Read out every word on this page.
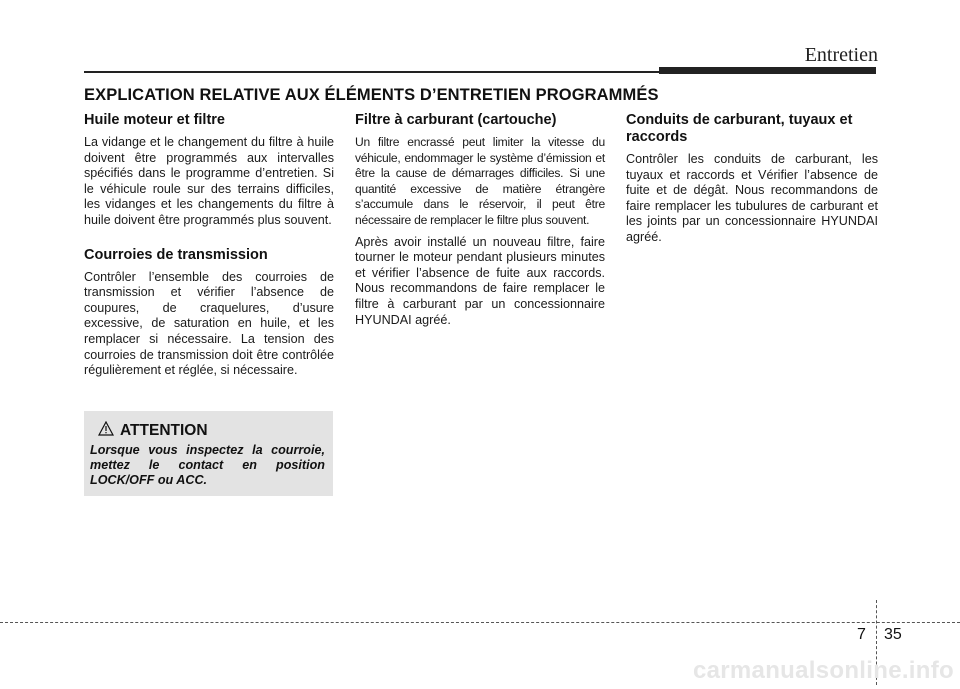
Entretien
EXPLICATION RELATIVE AUX ÉLÉMENTS D’ENTRETIEN PROGRAMMÉS
Huile moteur et filtre

La vidange et le changement du filtre à huile doivent être programmés aux intervalles spécifiés dans le programme d’entretien. Si le véhicule roule sur des terrains difficiles, les vidanges et les changements du filtre à huile doivent être programmés plus souvent.

Courroies de transmission

Contrôler l’ensemble des courroies de transmission et vérifier l’absence de coupures, de craquelures, d’usure excessive, de saturation en huile, et les remplacer si nécessaire. La tension des courroies de transmission doit être contrôlée régulièrement et réglée, si nécessaire.

ATTENTION
Lorsque vous inspectez la courroie, mettez le contact en position LOCK/OFF ou ACC.
Filtre à carburant (cartouche)

Un filtre encrassé peut limiter la vitesse du véhicule, endommager le système d’émission et être la cause de démarrages difficiles. Si une quantité excessive de matière étrangère s’accumule dans le réservoir, il peut être nécessaire de remplacer le filtre plus souvent.

Après avoir installé un nouveau filtre, faire tourner le moteur pendant plusieurs minutes et vérifier l’absence de fuite aux raccords. Nous recommandons de faire remplacer le filtre à carburant par un concessionnaire HYUNDAI agréé.

Conduits de carburant, tuyaux et raccords

Contrôler les conduits de carburant, les tuyaux et raccords et Vérifier l’absence de fuite et de dégât. Nous recommandons de faire remplacer les tubulures de carburant et les joints par un concessionnaire HYUNDAI agréé.

7 35
carmanualsonline.info
